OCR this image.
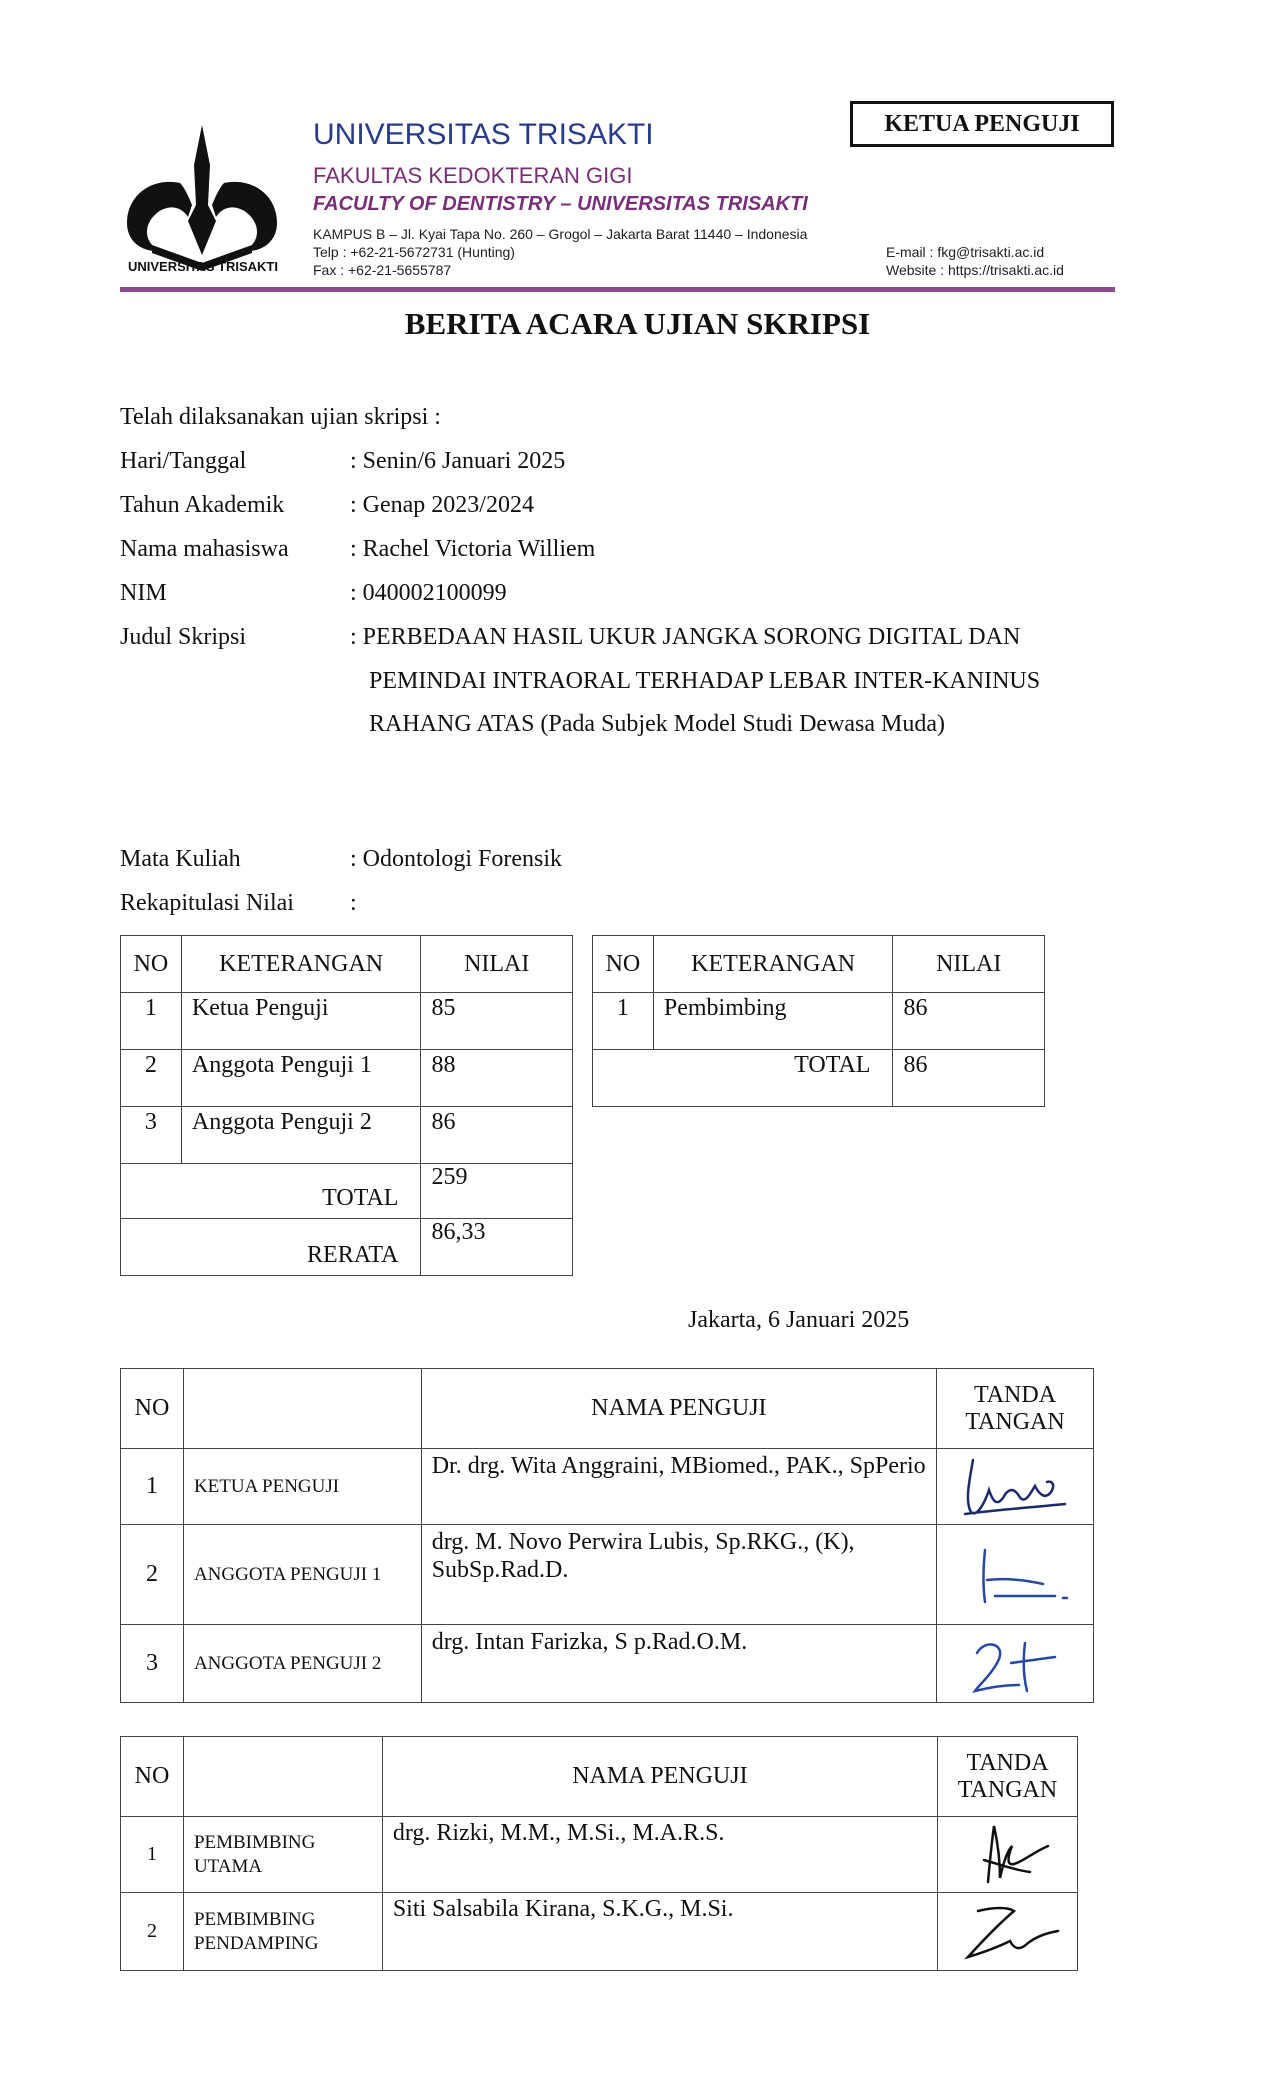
KETUA PENGUJI
UNIVERSITAS TRISAKTI
UNIVERSITAS TRISAKTI
FAKULTAS KEDOKTERAN GIGI
FACULTY OF DENTISTRY – UNIVERSITAS TRISAKTI
KAMPUS B – Jl. Kyai Tapa No. 260 – Grogol – Jakarta Barat 11440 – Indonesia
Telp : +62-21-5672731 (Hunting)
Fax : +62-21-5655787
E-mail : fkg@trisakti.ac.id
Website : https://trisakti.ac.id
BERITA ACARA UJIAN SKRIPSI
Telah dilaksanakan ujian skripsi :
Hari/Tanggal	: Senin/6 Januari 2025
Tahun Akademik	: Genap 2023/2024
Nama mahasiswa	: Rachel Victoria Williem
NIM	: 040002100099
Judul Skripsi	: PERBEDAAN HASIL UKUR JANGKA SORONG DIGITAL DAN
PEMINDAI INTRAORAL TERHADAP LEBAR INTER-KANINUS
RAHANG ATAS (Pada Subjek Model Studi Dewasa Muda)
Mata Kuliah	: Odontologi Forensik
Rekapitulasi Nilai :
NO	KETERANGAN	NILAI
1	Ketua Penguji	85
2	Anggota Penguji 1	88
3	Anggota Penguji 2	86
TOTAL		259
RERATA		86,33
NO	KETERANGAN	NILAI
1	Pembimbing	86
TOTAL		86
Jakarta, 6 Januari 2025
NO		NAMA PENGUJI	TANDA
TANGAN

1	KETUA PENGUJI	Dr. drg. Wita Anggraini, MBiomed., PAK., SpPerio	

2	ANGGOTA PENGUJI 1	drg. M. Novo Perwira Lubis, Sp.RKG., (K), SubSp.Rad.D.	

3	ANGGOTA PENGUJI 2	drg. Intan Farizka, S p.Rad.O.M.	
NO		NAMA PENGUJI	TANDA
TANGAN

1	PEMBIMBING UTAMA	drg. Rizki, M.M., M.Si., M.A.R.S.	

2	PEMBIMBING PENDAMPING	Siti Salsabila Kirana, S.K.G., M.Si.	
